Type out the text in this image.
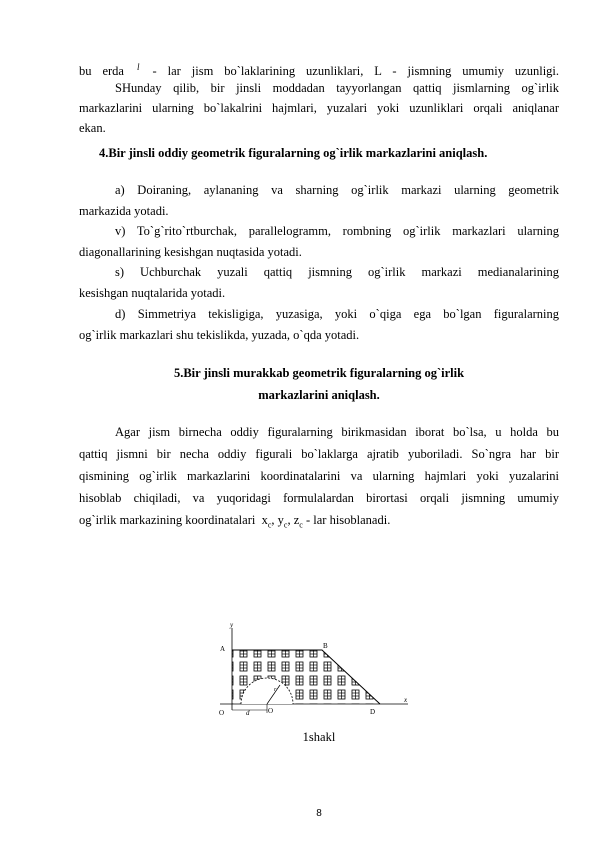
bu erda $^l$ - lar jism bo`laklarining uzunliklari, L - jismning umumiy uzunligi.
SHunday qilib, bir jinsli moddadan tayyorlangan qattiq jismlarning og`irlik
markazlarini ularning bo`lakalrini hajmlari, yuzalari yoki uzunliklari orqali aniqlanar
ekan.
4.Bir jinsli oddiy geometrik figuralarning og`irlik markazlarini aniqlash.
a) Doiraning, aylananing va sharning og`irlik markazi ularning geometrik
markazida yotadi.
v) To`g`rito`rtburchak, parallelogramm, rombning og`irlik markazlari ularning
diagonallarining kesishgan nuqtasida yotadi.
s) Uchburchak yuzali qattiq jismning og`irlik markazi medianalarining
kesishgan nuqtalarida yotadi.
d) Simmetriya tekisligiga, yuzasiga, yoki o`qiga ega bo`lgan figuralarning
og`irlik markazlari shu tekislikda, yuzada, o`qda yotadi.
5.Bir jinsli murakkab geometrik figuralarning og`irlik
markazlarini aniqlash.
Agar jism birnecha oddiy figuralarning birikmasidan iborat bo`lsa, u holda bu
qattiq jismni bir necha oddiy figurali bo`laklarga ajratib yuboriladi. So`ngra har bir
qismining og`irlik markazlarini koordinatalarini va ularning hajmlari yoki yuzalarini
hisoblab chiqiladi, va yuqoridagi formulalardan birortasi orqali jismning umumiy
og`irlik markazining koordinatalari $x_c$, $y_c$, $z_c$ - lar hisoblanadi.
y
x
A	B
O	O	D
d
r
1shakl
8
